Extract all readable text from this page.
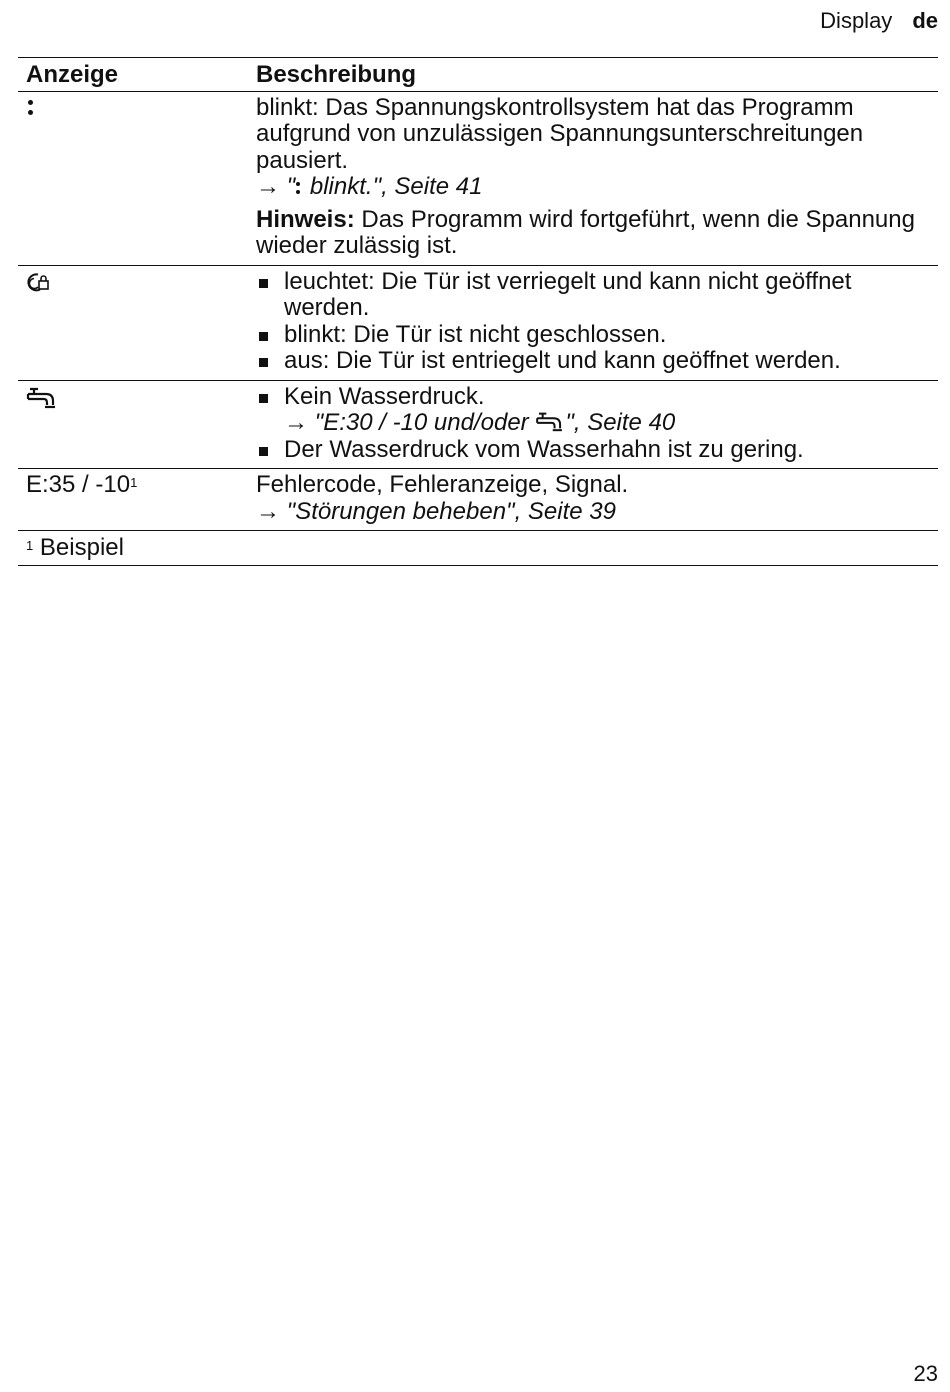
Display de
Anzeige	Beschreibung
blinkt: Das Spannungskontrollsystem hat das Programm aufgrund von unzulässigen Spannungsunterschreitungen pausiert.
→ " blinkt.", Seite 41
Hinweis: Das Programm wird fortgeführt, wenn die Spannung wieder zulässig ist.
leuchtet: Die Tür ist verriegelt und kann nicht geöffnet werden.
blinkt: Die Tür ist nicht geschlossen.
aus: Die Tür ist entriegelt und kann geöffnet werden.
Kein Wasserdruck.
→ "E:30 / -10 und/oder ", Seite 40
Der Wasserdruck vom Wasserhahn ist zu gering.
E:35 / $-10^1$	Fehlercode, Fehleranzeige, Signal.
→ "Störungen beheben", Seite 39
$^1$ Beispiel
23
